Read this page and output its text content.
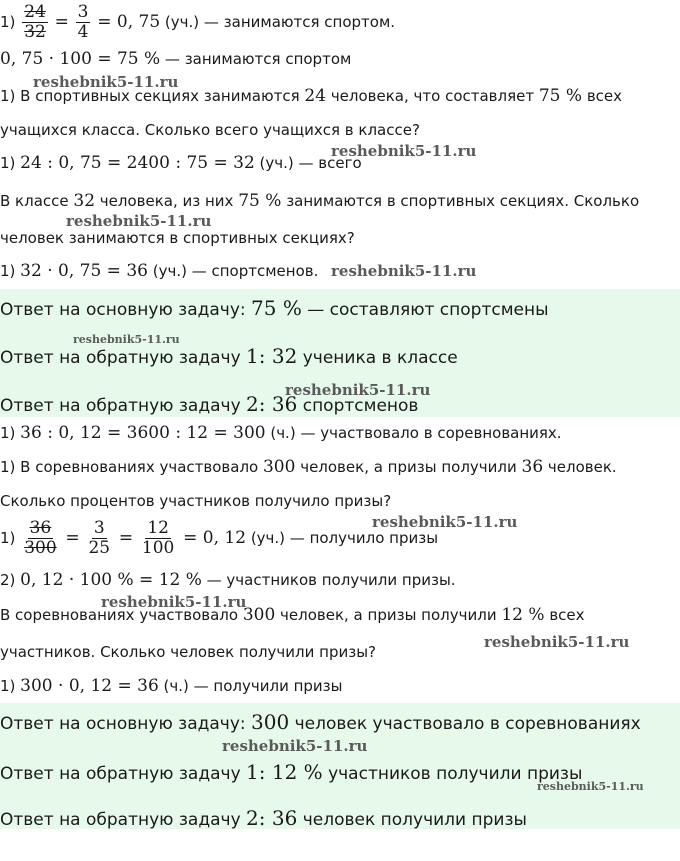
$1) \frac{24}{32} = \frac{3}{4} = 0$, 75 (уч.) — занимаются спортом.
0, 75 · 100 = 75 % — занимаются спортом
1) В спортивных секциях занимаются 24 человека, что составляет 75 % всех
учащихся класса. Сколько всего учащихся в классе?
1) 24 : 0, 75 = 2400 : 75 = 32 (уч.) — всего
В классе 32 человека, из них 75 % занимаются в спортивных секциях. Сколько
человек занимаются в спортивных секциях?
1) 32 · 0, 75 = 36 (уч.) — спортсменов.
Ответ на основную задачу: 75 % — составляют спортсмены
Ответ на обратную задачу 1: 32 ученика в классе
Ответ на обратную задачу 2: 36 спортсменов
1) 36 : 0, 12 = 3600 : 12 = 300 (ч.) — участвовало в соревнованиях.
1) В соревнованиях участвовало 300 человек, а призы получили 36 человек.
Сколько процентов участников получило призы?
$1) \frac{36}{300} = \frac{3}{25} = \frac{12}{100} = 0$, 12 (уч.) — получило призы
2) 0, 12 · 100 % = 12 % — участников получили призы.
В соревнованиях участвовало 300 человек, а призы получили 12 % всех
участников. Сколько человек получили призы?
1) 300 · 0, 12 = 36 (ч.) — получили призы
Ответ на основную задачу: 300 человек участвовало в соревнованиях
Ответ на обратную задачу 1: 12 % участников получили призы
Ответ на обратную задачу 2: 36 человек получили призы
reshebnik5-11.ru
reshebnik5-11.ru
reshebnik5-11.ru
reshebnik5-11.ru
reshebnik5-11.ru
reshebnik5-11.ru
reshebnik5-11.ru
reshebnik5-11.ru
reshebnik5-11.ru
reshebnik5-11.ru
reshebnik5-11.ru
